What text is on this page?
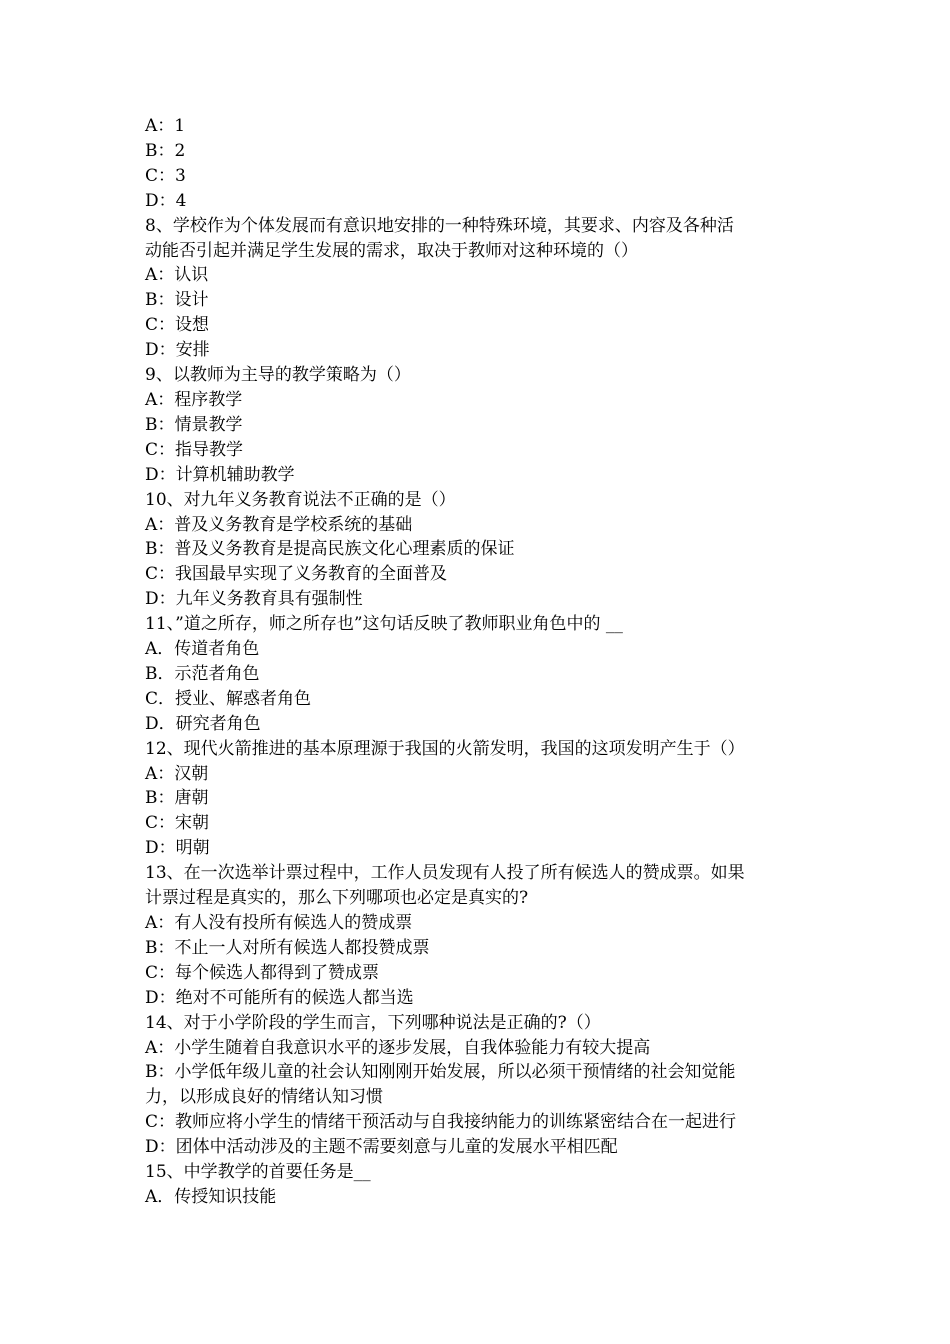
A：1

B：2

C：3

D：4

8、学校作为个体发展而有意识地安排的一种特殊环境，其要求、内容及各种活

动能否引起并满足学生发展的需求，取决于教师对这种环境的（）

A：认识

B：设计

C：设想

D：安排

9、以教师为主导的教学策略为（）

A：程序教学

B：情景教学

C：指导教学

D：计算机辅助教学

10、对九年义务教育说法不正确的是（）

A：普及义务教育是学校系统的基础

B：普及义务教育是提高民族文化心理素质的保证

C：我国最早实现了义务教育的全面普及

D：九年义务教育具有强制性

11、”道之所存，师之所存也”这句话反映了教师职业角色中的 __

A．传道者角色

B．示范者角色

C．授业、解惑者角色

D．研究者角色

12、现代火箭推进的基本原理源于我国的火箭发明，我国的这项发明产生于（）

A：汉朝

B：唐朝

C：宋朝

D：明朝

13、在一次选举计票过程中，工作人员发现有人投了所有候选人的赞成票。如果

计票过程是真实的，那么下列哪项也必定是真实的?

A：有人没有投所有候选人的赞成票

B：不止一人对所有候选人都投赞成票

C：每个候选人都得到了赞成票

D：绝对不可能所有的候选人都当选

14、对于小学阶段的学生而言，下列哪种说法是正确的?（）

A：小学生随着自我意识水平的逐步发展，自我体验能力有较大提高

B：小学低年级儿童的社会认知刚刚开始发展，所以必须干预情绪的社会知觉能

力，以形成良好的情绪认知习惯

C：教师应将小学生的情绪干预活动与自我接纳能力的训练紧密结合在一起进行

D：团体中活动涉及的主题不需要刻意与儿童的发展水平相匹配

15、中学教学的首要任务是__

A．传授知识技能
